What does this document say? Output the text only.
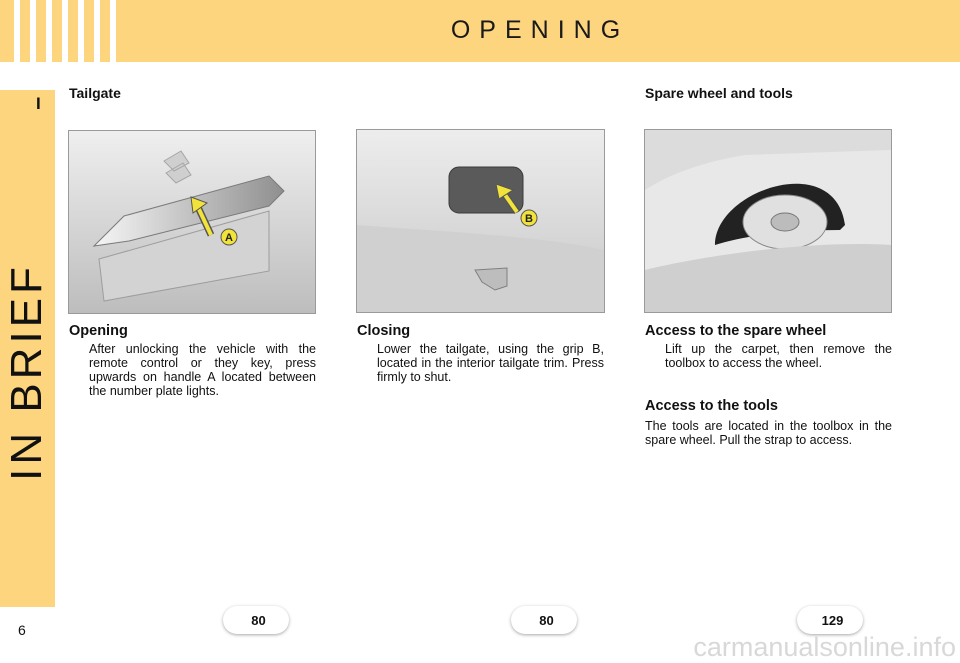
OPENING
I
IN BRIEF
6
Tailgate
A
Opening
After unlocking the vehicle with the remote control or they key, press upwards on handle A located between the number plate lights.
80
B
Closing
Lower the tailgate, using the grip B, located in the interior tailgate trim. Press firmly to shut.
80
Spare wheel and tools
Access to the spare wheel
Lift up the carpet, then remove the toolbox to access the wheel.
Access to the tools
The tools are located in the toolbox in the spare wheel. Pull the strap to access.
129
carmanualsonline.info
